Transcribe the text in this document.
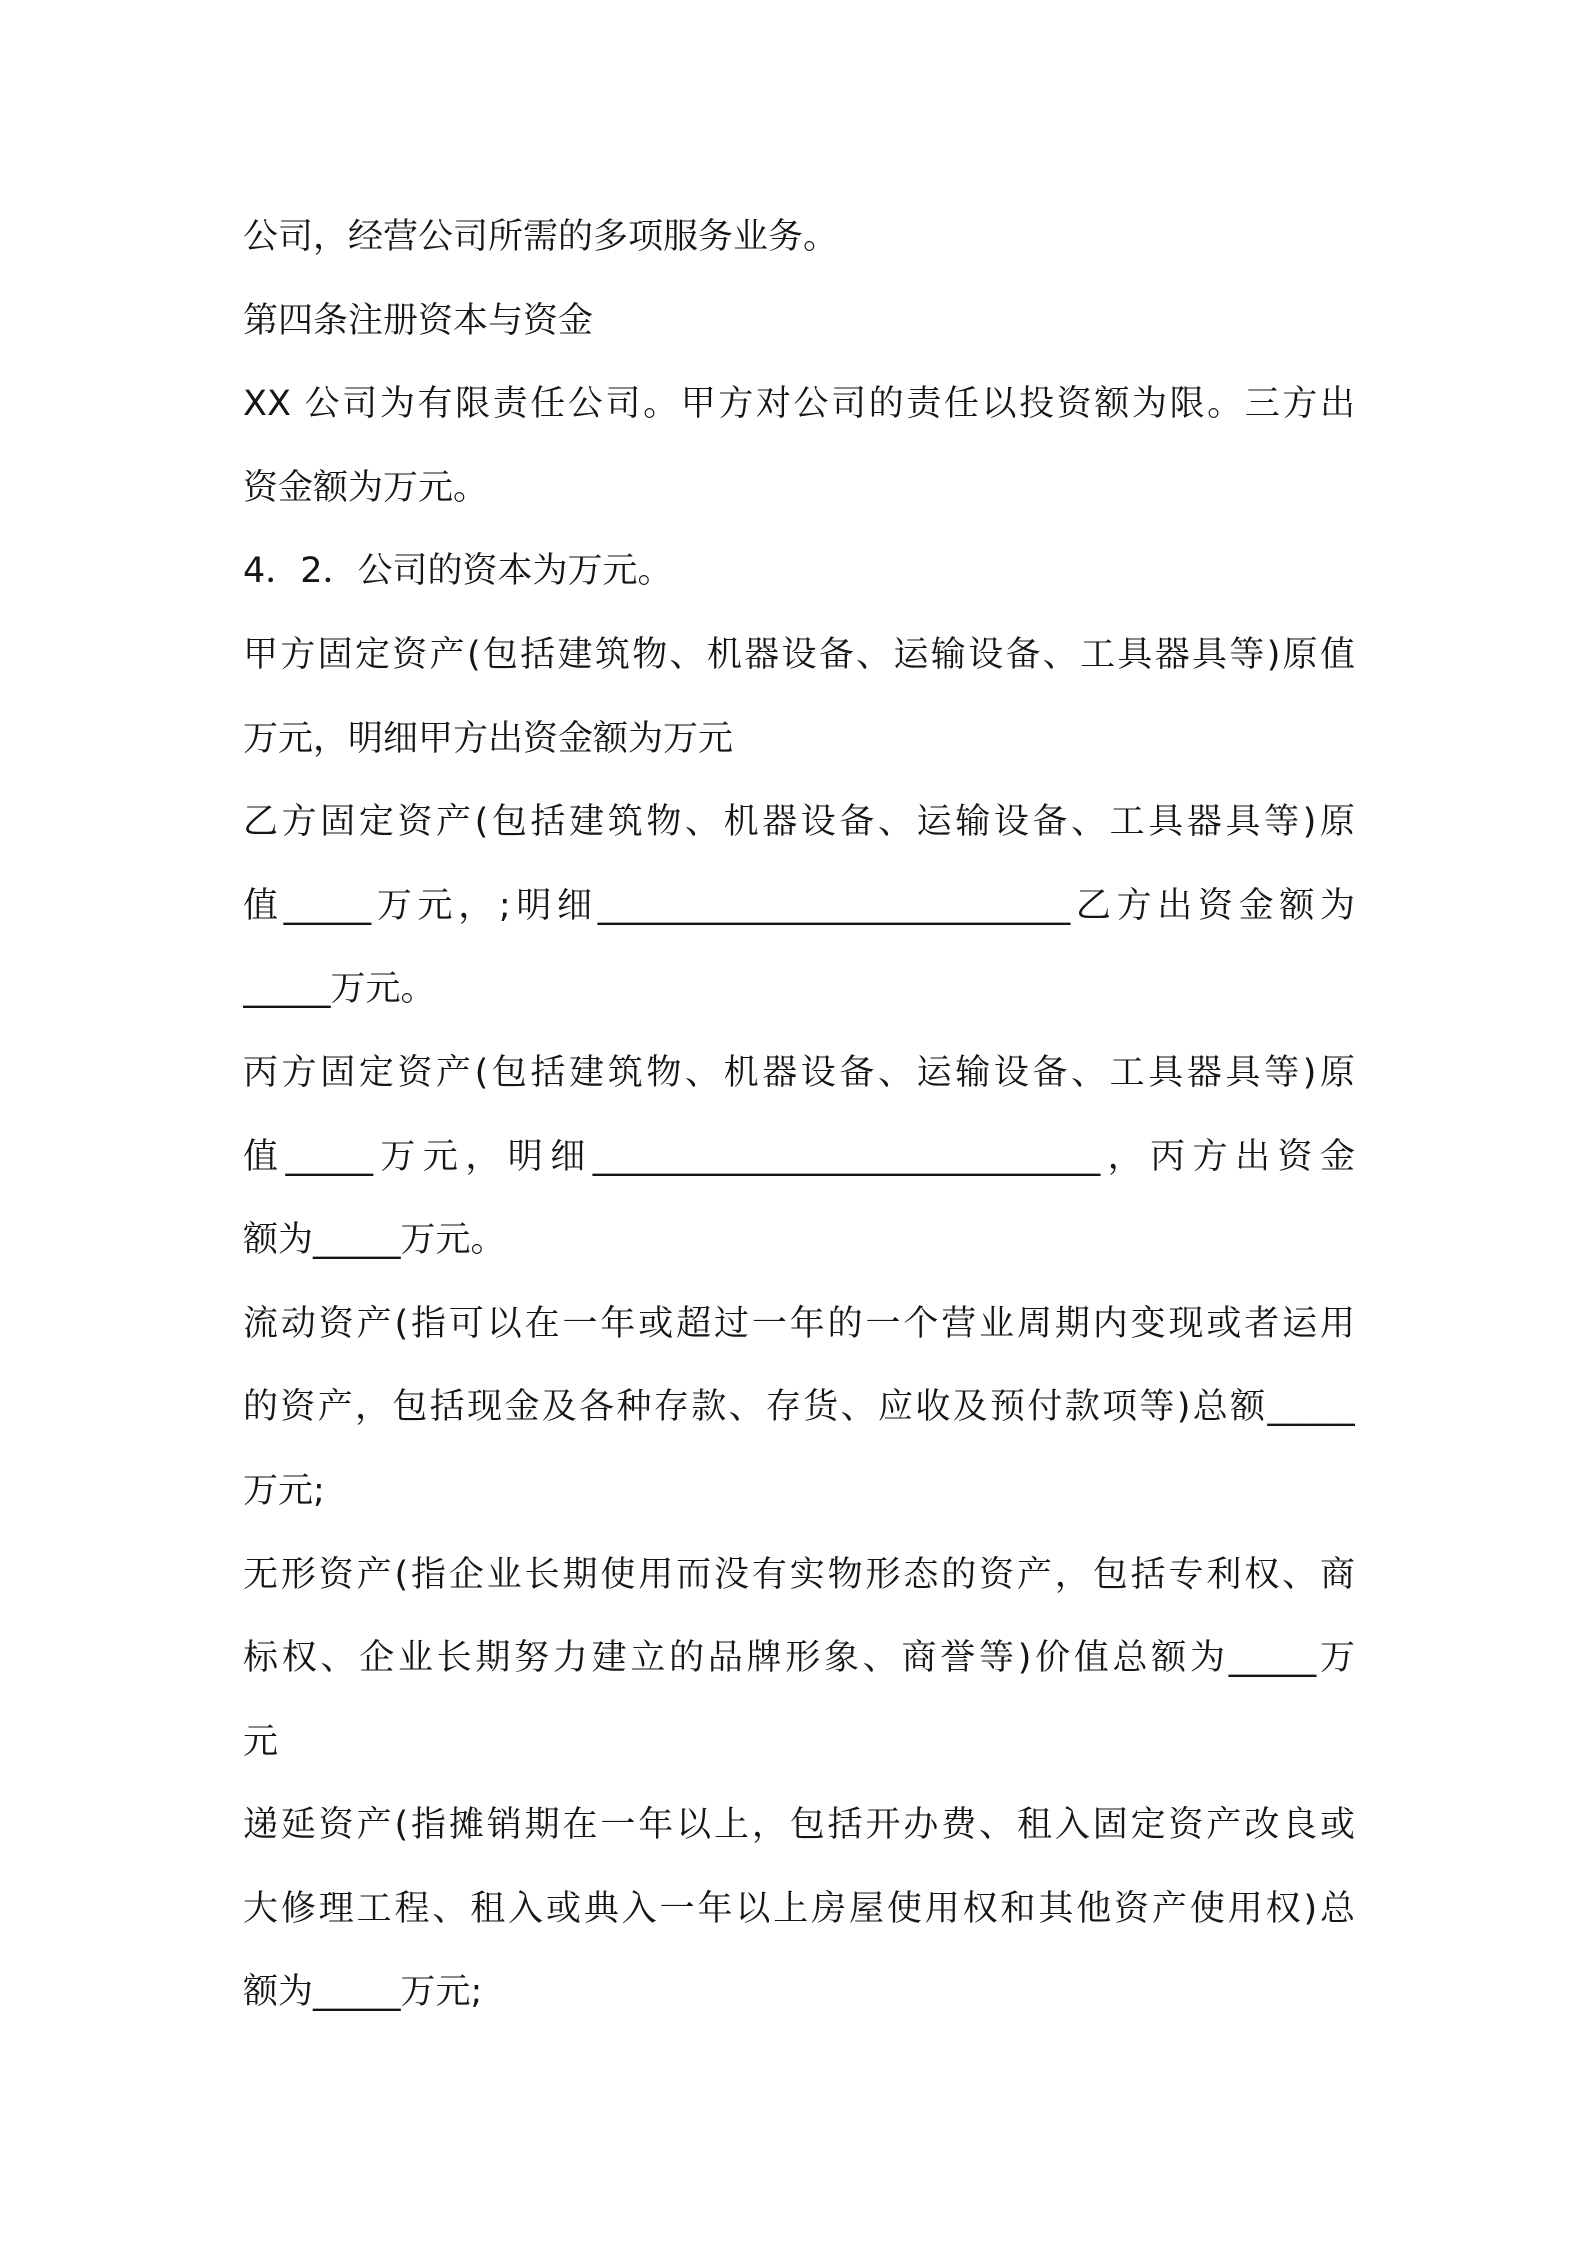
公司，经营公司所需的多项服务业务。
第四条注册资本与资金
XX 公司为有限责任公司。甲方对公司的责任以投资额为限。三方出
资金额为万元。
4．2．公司的资本为万元。
甲方固定资产(包括建筑物、机器设备、运输设备、工具器具等)原值
万元，明细甲方出资金额为万元
乙方固定资产(包括建筑物、机器设备、运输设备、工具器具等)原
值_____万元，;明细___________________________乙方出资金额为
_____万元。
丙方固定资产(包括建筑物、机器设备、运输设备、工具器具等)原
值_____万元，明细_____________________________，丙方出资金
额为_____万元。
流动资产(指可以在一年或超过一年的一个营业周期内变现或者运用
的资产，包括现金及各种存款、存货、应收及预付款项等)总额_____
万元;
无形资产(指企业长期使用而没有实物形态的资产，包括专利权、商
标权、企业长期努力建立的品牌形象、商誉等)价值总额为_____万
元
递延资产(指摊销期在一年以上，包括开办费、租入固定资产改良或
大修理工程、租入或典入一年以上房屋使用权和其他资产使用权)总
额为_____万元;
